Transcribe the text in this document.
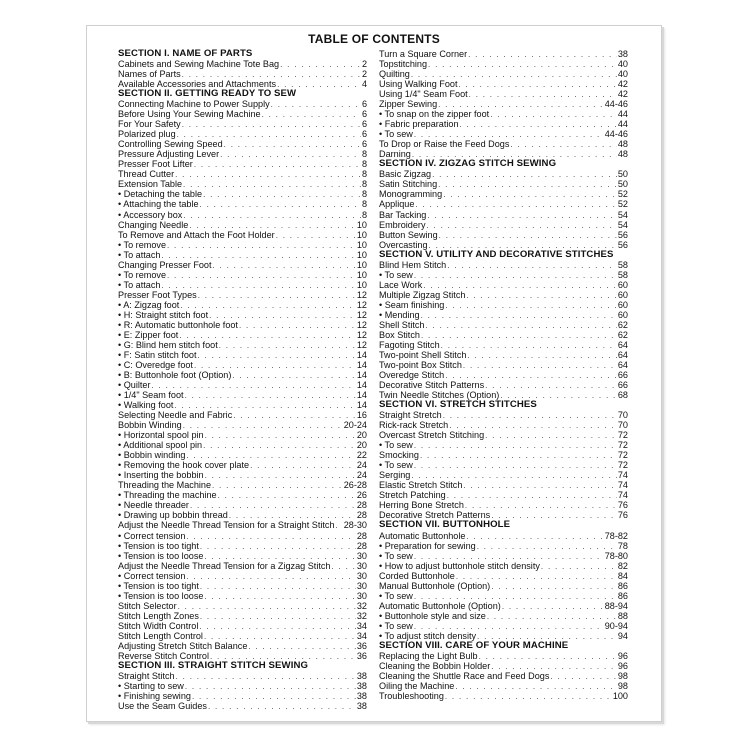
TABLE OF CONTENTS
SECTION I. NAME OF PARTS
Cabinets and Sewing Machine Tote Bag . . .	2
Names of Parts . . .	2
Available Accessories and Attachments . . .	4
SECTION II. GETTING READY TO SEW
Connecting Machine to Power Supply . . .	6
Before Using Your Sewing Machine . . .	6
For Your Safety . . .	6
Polarized plug . . .	6
Controlling Sewing Speed . . .	6
Pressure Adjusting Lever . . .	8
Presser Foot Lifter . . .	8
Thread Cutter . . .	8
Extension Table . . .	8
• Detaching the table . . .	8
• Attaching the table . . .	8
• Accessory box . . .	8
Changing Needle . . .	10
To Remove and Attach the Foot Holder . . .	10
• To remove . . .	10
• To attach . . .	10
Changing Presser Foot . . .	10
• To remove . . .	10
• To attach . . .	10
Presser Foot Types . . .	12
• A: Zigzag foot . . .	12
• H: Straight stitch foot . . .	12
• R: Automatic buttonhole foot . . .	12
• E: Zipper foot . . .	12
• G: Blind hem stitch foot . . .	12
• F: Satin stitch foot . . .	14
• C: Overedge foot . . .	14
• B: Buttonhole foot (Option) . . .	14
• Quilter . . .	14
• 1/4" Seam foot . . .	14
• Walking foot . . .	14
Selecting Needle and Fabric . . .	16
Bobbin Winding . . .	20-24
• Horizontal spool pin . . .	20
• Additional spool pin . . .	20
• Bobbin winding . . .	22
• Removing the hook cover plate . . .	24
• Inserting the bobbin . . .	24
Threading the Machine . . .	26-28
• Threading the machine . . .	26
• Needle threader . . .	28
• Drawing up bobbin thread . . .	28
Adjust the Needle Thread Tension for a Straight Stitch . . . 28-30
• Correct tension . . .	28
• Tension is too tight . . .	28
• Tension is too loose . . .	30
Adjust the Needle Thread Tension for a Zigzag Stitch . . .	30
• Correct tension . . .	30
• Tension is too tight . . .	30
• Tension is too loose . . .	30
Stitch Selector . . .	32
Stitch Length Zones . . .	32
Stitch Width Control . . .	34
Stitch Length Control . . .	34
Adjusting Stretch Stitch Balance . . .	36
Reverse Stitch Control . . .	36
SECTION III. STRAIGHT STITCH SEWING
Straight Stitch . . .	38
• Starting to sew . . .	38
• Finishing sewing . . .	38
Use the Seam Guides . . .	38
Turn a Square Corner . . .	38
Topstitching . . .	40
Quilting . . .	40
Using Walking Foot . . .	42
Using 1/4" Seam Foot . . .	42
Zipper Sewing . . .	44-46
• To snap on the zipper foot . . .	44
• Fabric preparation . . .	44
• To sew . . .	44-46
To Drop or Raise the Feed Dogs . . .	48
Darning . . .	48
SECTION IV. ZIGZAG STITCH SEWING
Basic Zigzag . . .	50
Satin Stitching . . .	50
Monogramming . . .	52
Applique . . .	52
Bar Tacking . . .	54
Embroidery . . .	54
Button Sewing . . .	56
Overcasting . . .	56
SECTION V. UTILITY AND DECORATIVE STITCHES
Blind Hem Stitch . . .	58
• To sew . . .	58
Lace Work . . .	60
Multiple Zigzag Stitch . . .	60
• Seam finishing . . .	60
• Mending . . .	60
Shell Stitch . . .	62
Box Stitch . . .	62
Fagoting Stitch . . .	64
Two-point Shell Stitch . . .	64
Two-point Box Stitch . . .	64
Overedge Stitch . . .	66
Decorative Stitch Patterns . . .	66
Twin Needle Stitches (Option) . . .	68
SECTION VI. STRETCH STITCHES
Straight Stretch . . .	70
Rick-rack Stretch . . .	70
Overcast Stretch Stitching . . .	72
• To sew . . .	72
Smocking . . .	72
• To sew . . .	72
Serging . . .	74
Elastic Stretch Stitch . . .	74
Stretch Patching . . .	74
Herring Bone Stretch . . .	76
Decorative Stretch Patterns . . .	76
SECTION VII. BUTTONHOLE
Automatic Buttonhole . . .	78-82
• Preparation for sewing . . .	78
• To sew . . .	78-80
• How to adjust buttonhole stitch density . . .	82
Corded Buttonhole . . .	84
Manual Buttonhole (Option) . . .	86
• To sew . . .	86
Automatic Buttonhole (Option) . . .	88-94
• Buttonhole style and size . . .	88
• To sew . . .	90-94
• To adjust stitch density . . .	94
SECTION VIII. CARE OF YOUR MACHINE
Replacing the Light Bulb . . .	96
Cleaning the Bobbin Holder . . .	96
Cleaning the Shuttle Race and Feed Dogs . . .	98
Oiling the Machine . . .	98
Troubleshooting . . .	100
